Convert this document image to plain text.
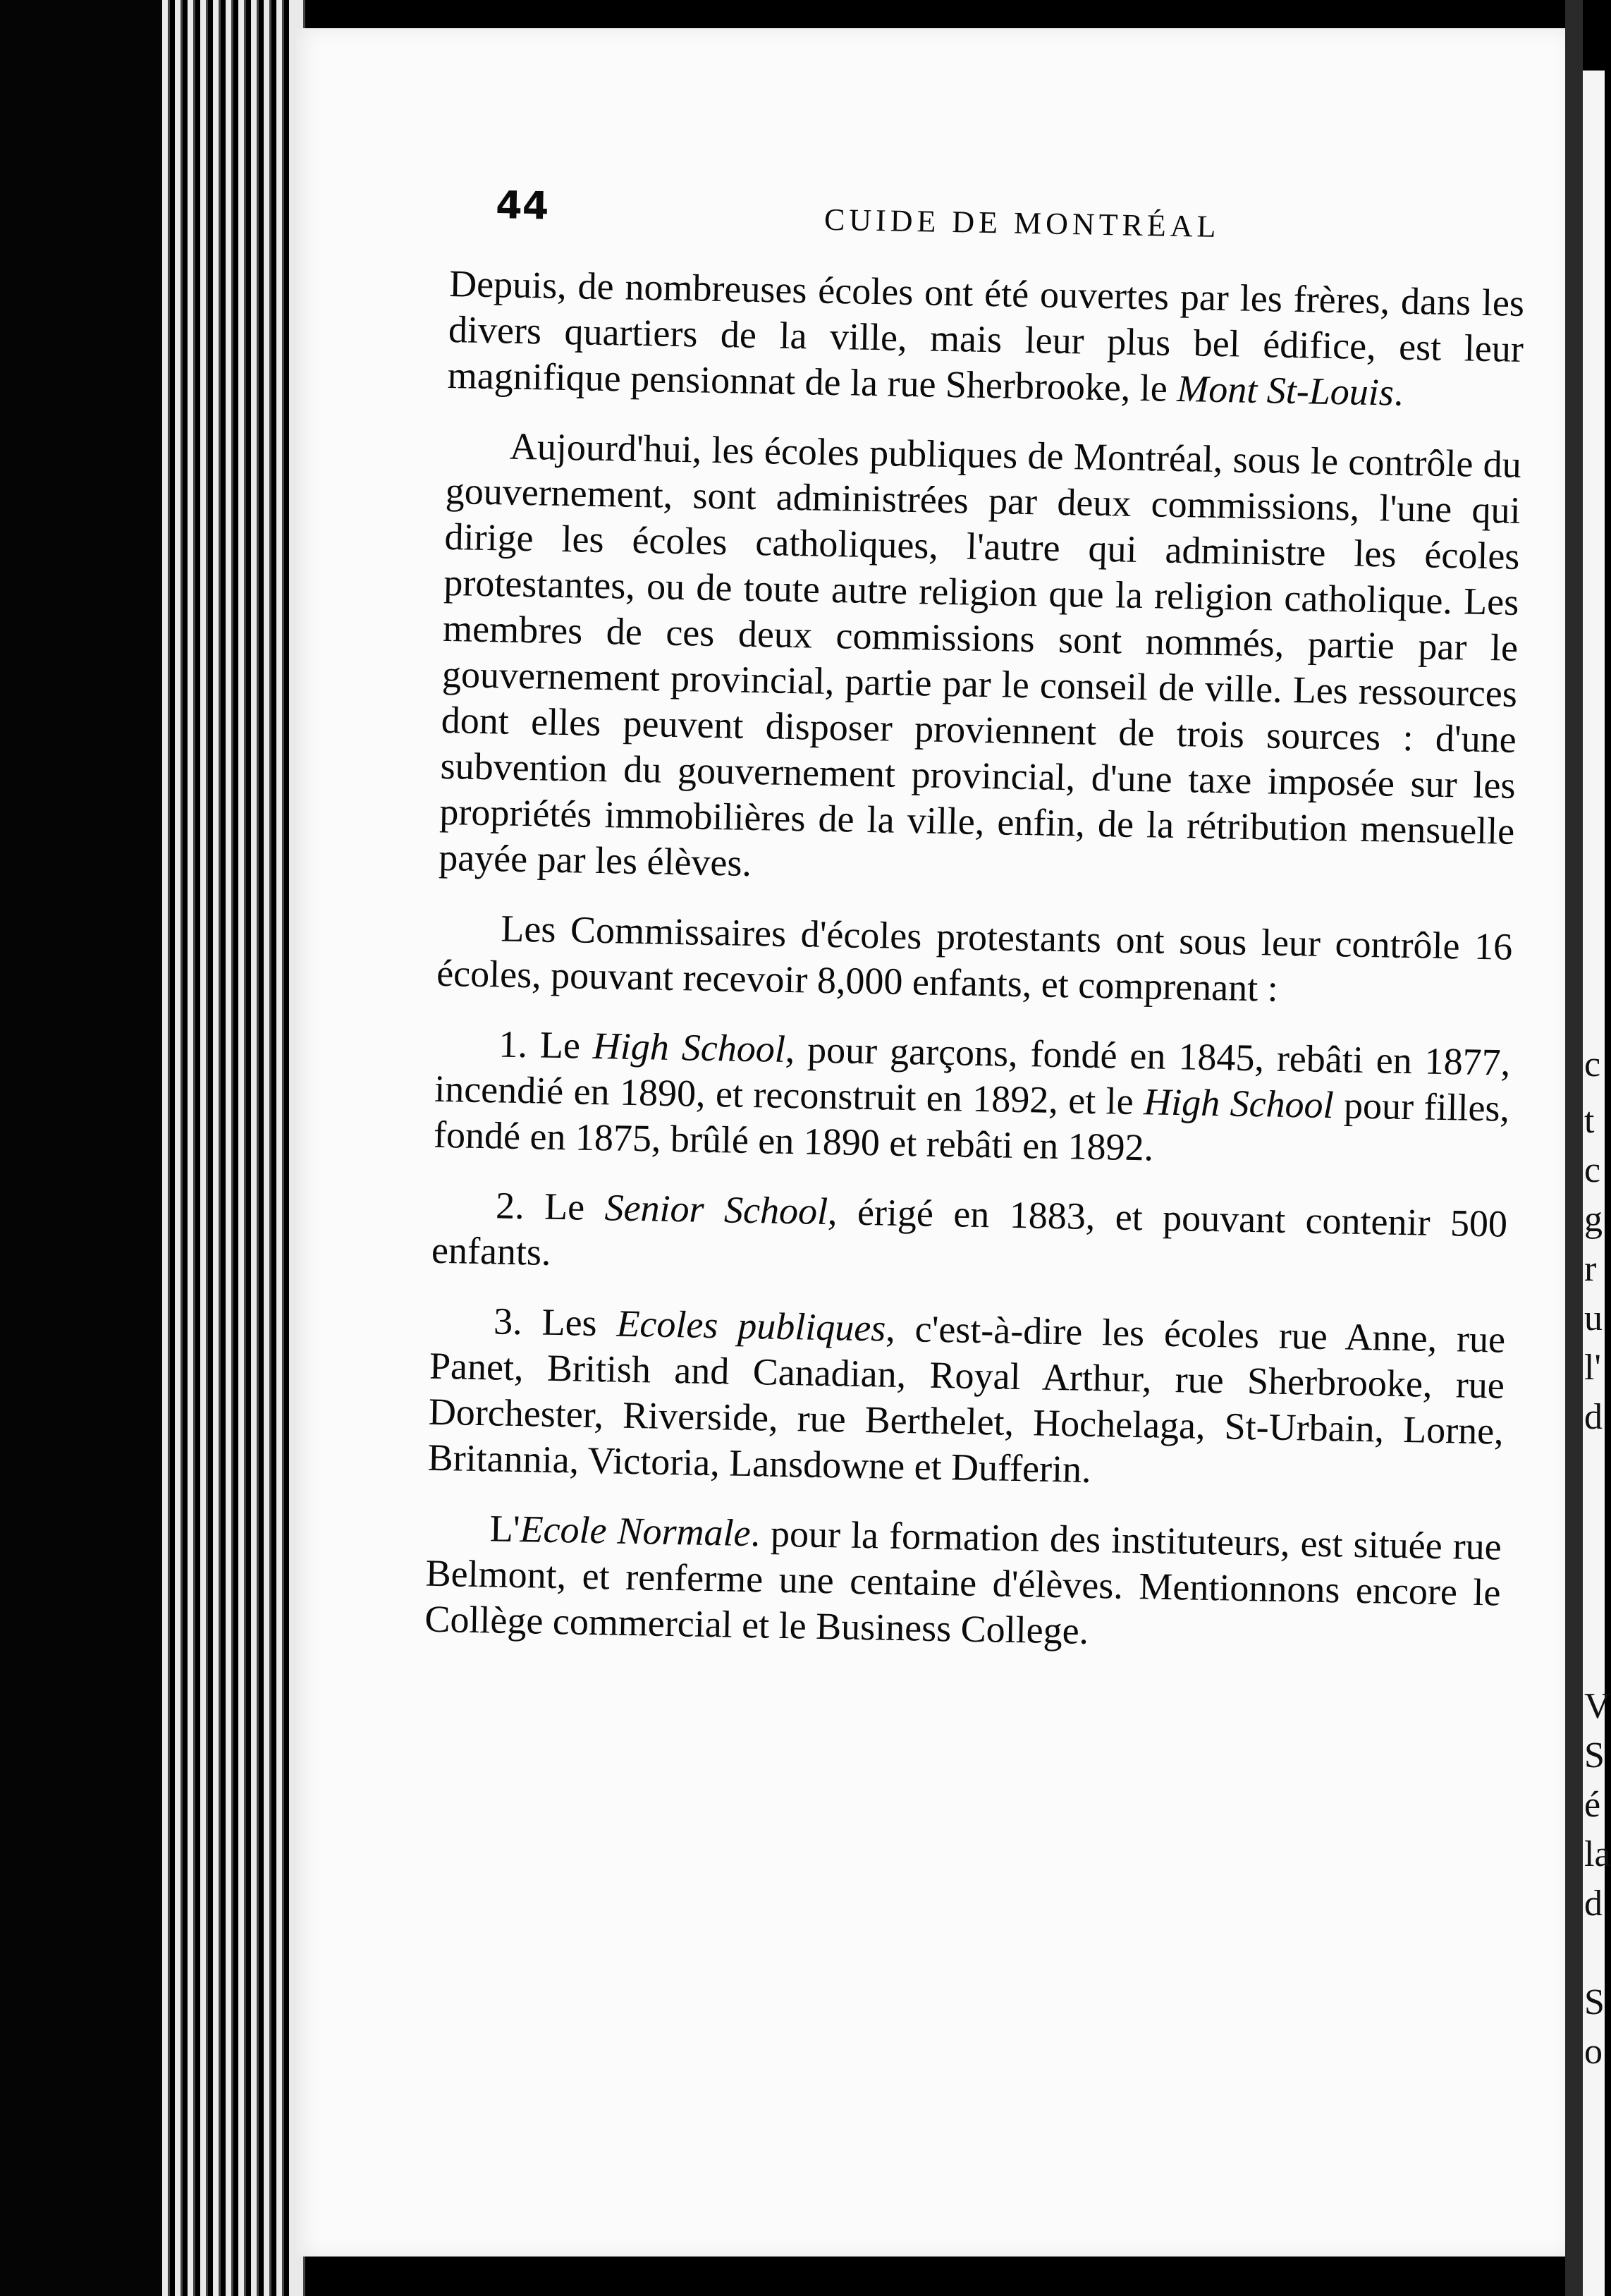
c
t
c
g
r
u
l'
d
V
S
é
la
d
S
o
44	CUIDE DE MONTRÉAL

Depuis, de nombreuses écoles ont été ouvertes par les frères, dans les divers quartiers de la ville, mais leur plus bel édifice, est leur magnifique pensionnat de la rue Sherbrooke, le Mont St-Louis.

Aujourd'hui, les écoles publiques de Montréal, sous le contrôle du gouvernement, sont administrées par deux commissions, l'une qui dirige les écoles catholiques, l'autre qui administre les écoles protestantes, ou de toute autre religion que la religion catholique. Les membres de ces deux commissions sont nommés, partie par le gouvernement provincial, partie par le conseil de ville. Les ressources dont elles peuvent disposer proviennent de trois sources : d'une subvention du gouvernement provincial, d'une taxe imposée sur les propriétés immobilières de la ville, enfin, de la rétribution mensuelle payée par les élèves.

Les Commissaires d'écoles protestants ont sous leur contrôle 16 écoles, pouvant recevoir 8,000 enfants, et comprenant :

1. Le High School, pour garçons, fondé en 1845, rebâti en 1877, incendié en 1890, et reconstruit en 1892, et le High School pour filles, fondé en 1875, brûlé en 1890 et rebâti en 1892.

2. Le Senior School, érigé en 1883, et pouvant contenir 500 enfants.

3. Les Ecoles publiques, c'est-à-dire les écoles rue Anne, rue Panet, British and Canadian, Royal Arthur, rue Sherbrooke, rue Dorchester, Riverside, rue Berthelet, Hochelaga, St-Urbain, Lorne, Britannia, Victoria, Lansdowne et Dufferin.

L'Ecole Normale. pour la formation des instituteurs, est située rue Belmont, et renferme une centaine d'élèves. Mentionnons encore le Collège commercial et le Business College.
